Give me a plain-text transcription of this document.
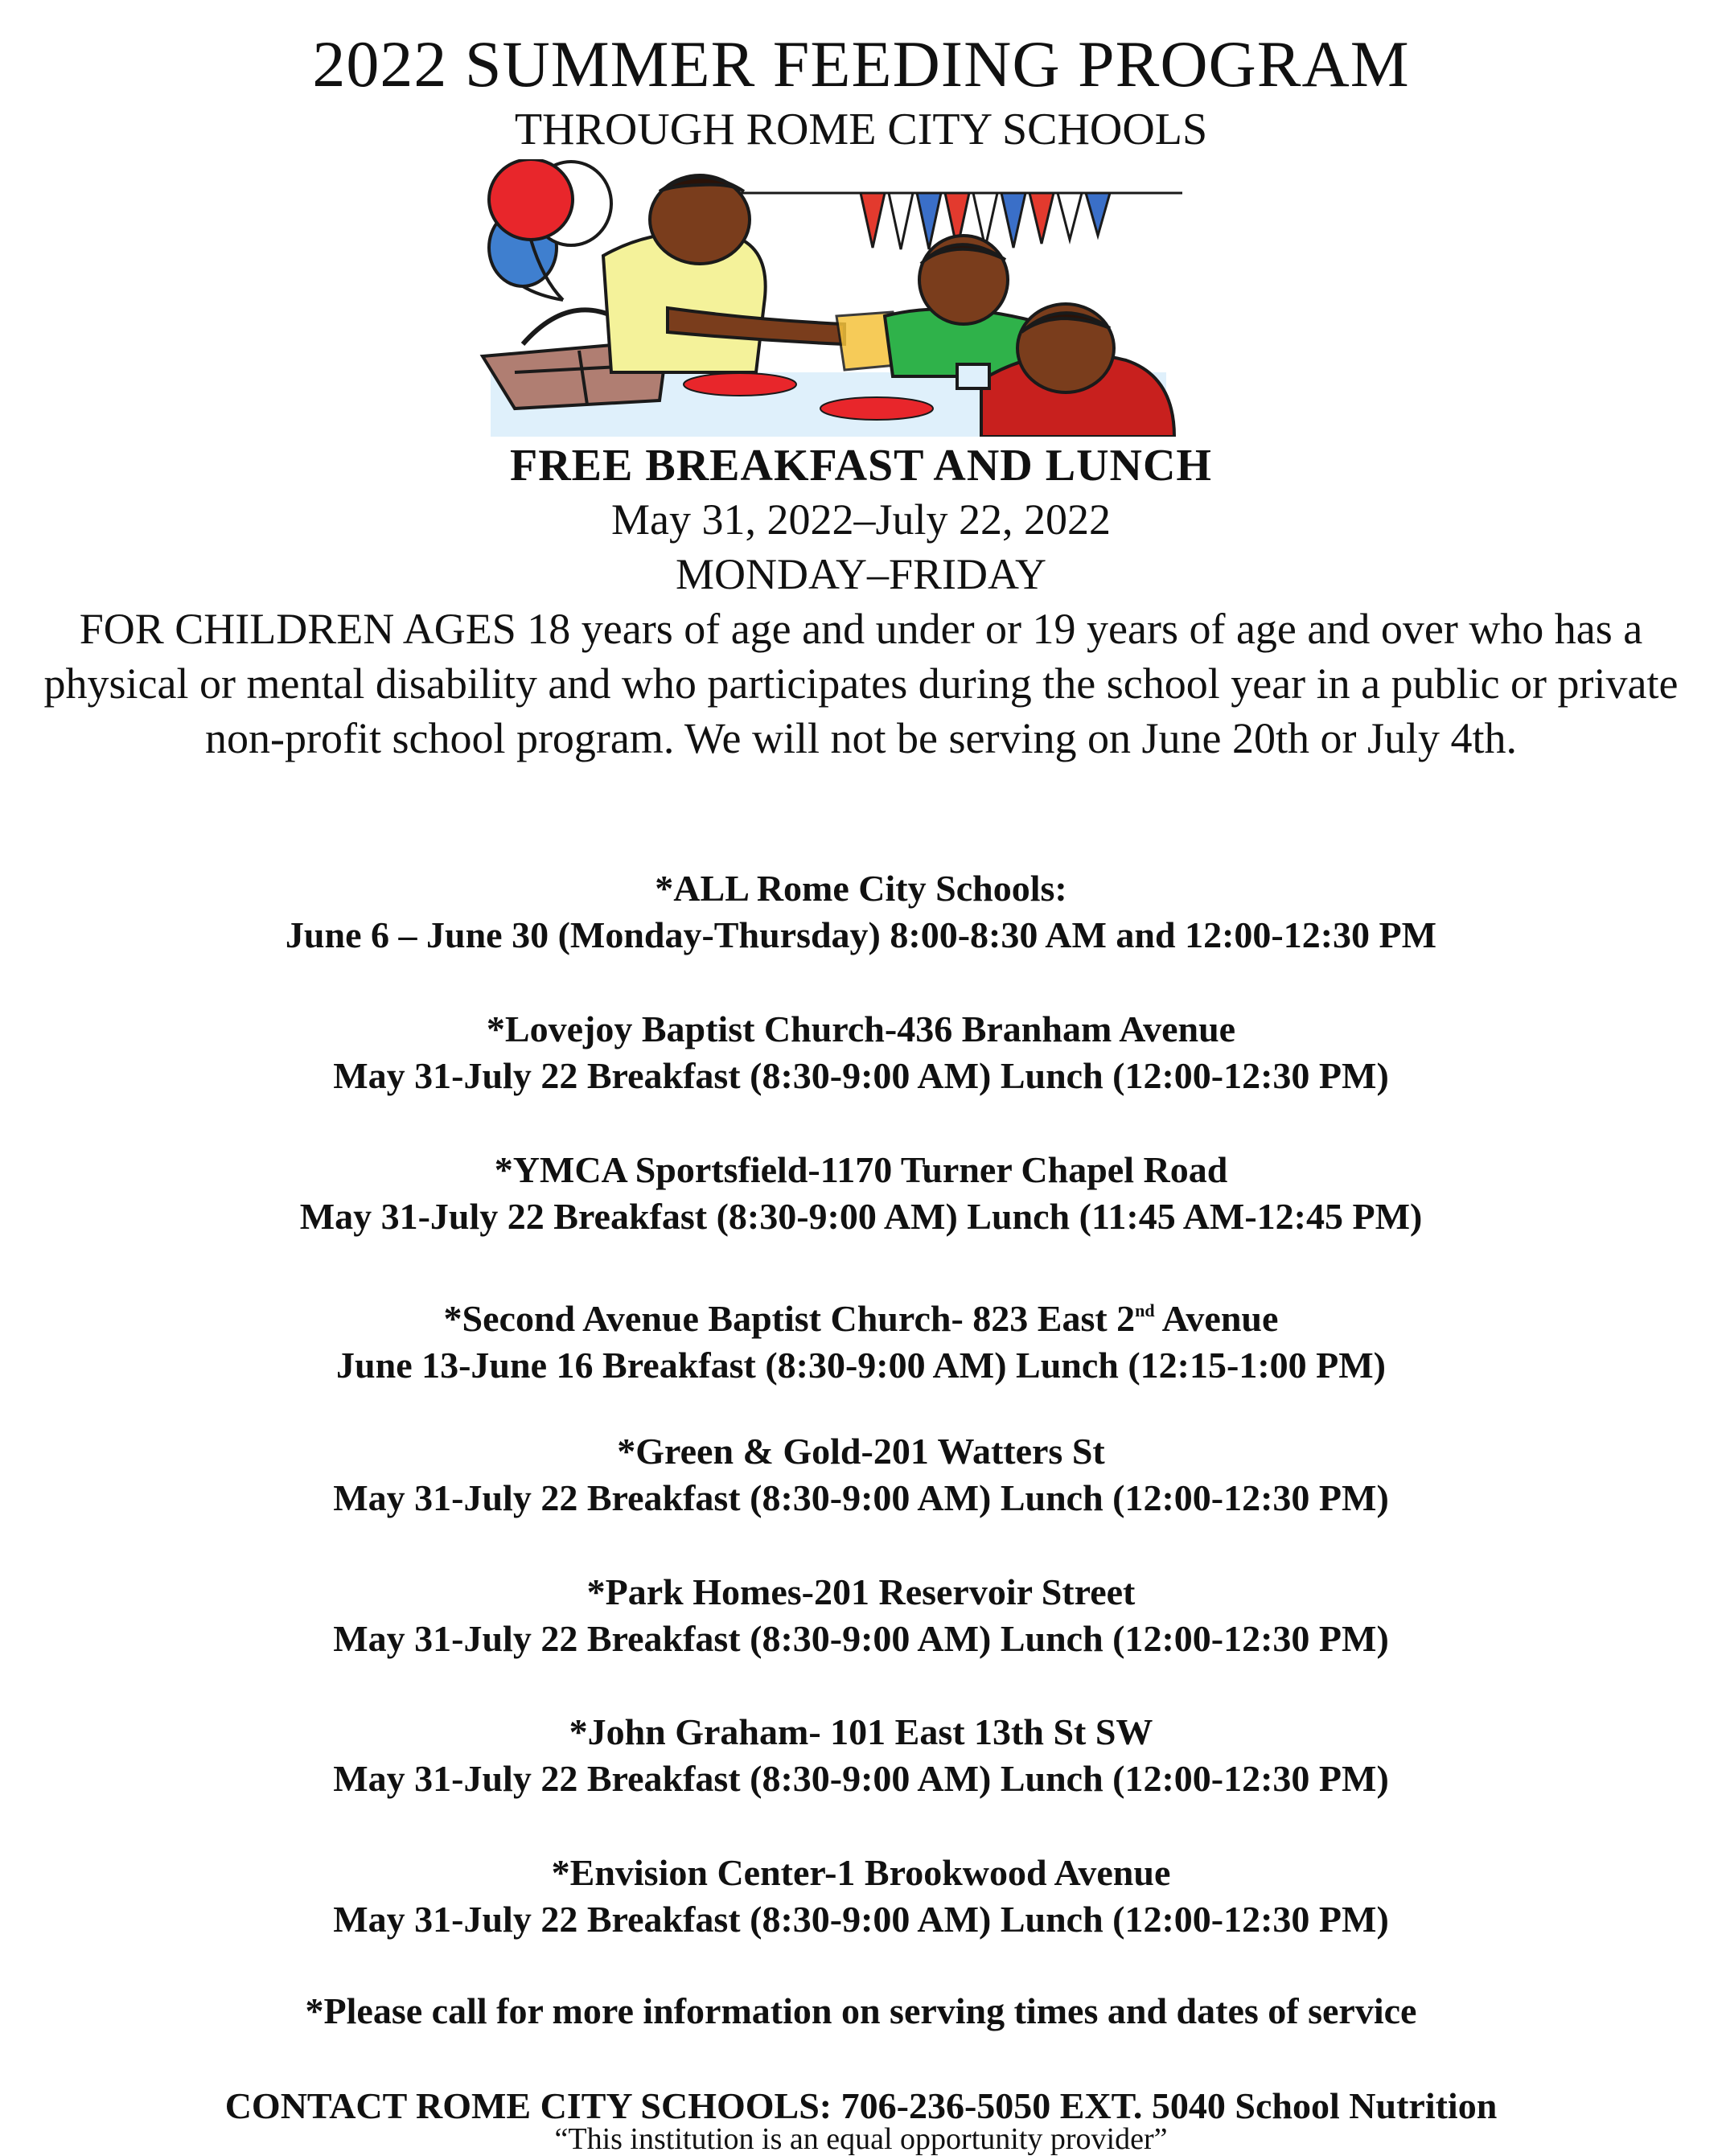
2022 SUMMER FEEDING PROGRAM
THROUGH ROME CITY SCHOOLS

FREE BREAKFAST AND LUNCH

May 31, 2022–July 22, 2022

MONDAY–FRIDAY

FOR CHILDREN AGES 18 years of age and under or 19 years of age and over who has a physical or mental disability and who participates during the school year in a public or private non-profit school program. We will not be serving on June 20th or July 4th.

*ALL Rome City Schools:
June 6 – June 30 (Monday-Thursday) 8:00-8:30 AM and 12:00-12:30 PM
*Lovejoy Baptist Church-436 Branham Avenue
May 31-July 22 Breakfast (8:30-9:00 AM) Lunch (12:00-12:30 PM)
*YMCA Sportsfield-1170 Turner Chapel Road
May 31-July 22 Breakfast (8:30-9:00 AM) Lunch (11:45 AM-12:45 PM)
*Second Avenue Baptist Church- 823 East 2nd Avenue
June 13-June 16 Breakfast (8:30-9:00 AM) Lunch (12:15-1:00 PM)
*Green & Gold-201 Watters St
May 31-July 22 Breakfast (8:30-9:00 AM) Lunch (12:00-12:30 PM)
*Park Homes-201 Reservoir Street
May 31-July 22 Breakfast (8:30-9:00 AM) Lunch (12:00-12:30 PM)
*John Graham- 101 East 13th St SW
May 31-July 22 Breakfast (8:30-9:00 AM) Lunch (12:00-12:30 PM)
*Envision Center-1 Brookwood Avenue
May 31-July 22 Breakfast (8:30-9:00 AM) Lunch (12:00-12:30 PM)

*Please call for more information on serving times and dates of service

CONTACT ROME CITY SCHOOLS: 706-236-5050 EXT. 5040 School Nutrition

“This institution is an equal opportunity provider”
